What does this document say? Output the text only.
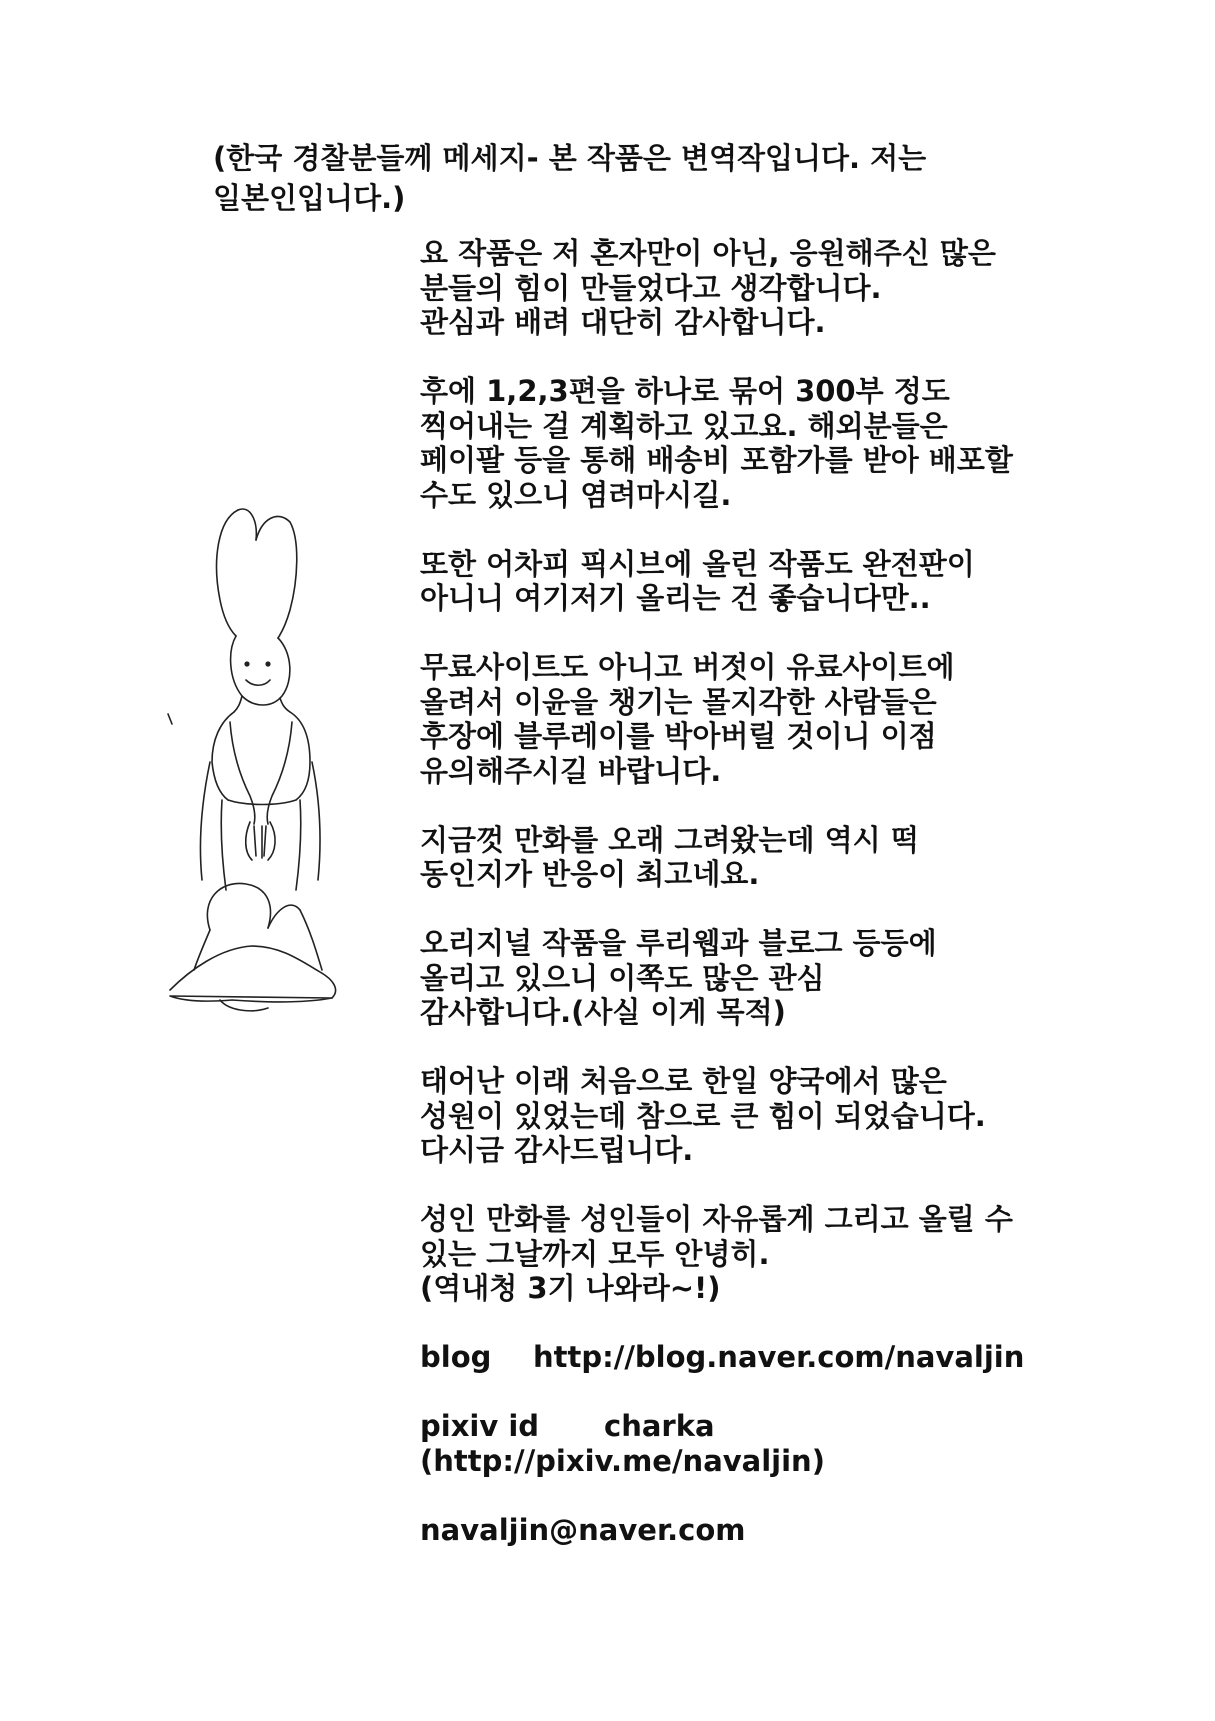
(한국 경찰분들께 메세지- 본 작품은 변역작입니다. 저는
일본인입니다.)
요 작품은 저 혼자만이 아닌, 응원해주신 많은
분들의 힘이 만들었다고 생각합니다.
관심과 배려 대단히 감사합니다.
후에 1,2,3편을 하나로 묶어 300부 정도
찍어내는 걸 계획하고 있고요. 해외분들은
페이팔 등을 통해 배송비 포함가를 받아 배포할
수도 있으니 염려마시길.
또한 어차피 픽시브에 올린 작품도 완전판이
아니니 여기저기 올리는 건 좋습니다만..
무료사이트도 아니고 버젓이 유료사이트에
올려서 이윤을 챙기는 몰지각한 사람들은
후장에 블루레이를 박아버릴 것이니 이점
유의해주시길 바랍니다.
지금껏 만화를 오래 그려왔는데 역시 떡
동인지가 반응이 최고네요.
오리지널 작품을 루리웹과 블로그 등등에
올리고 있으니 이쪽도 많은 관심
감사합니다.(사실 이게 목적)
태어난 이래 처음으로 한일 양국에서 많은
성원이 있었는데 참으로 큰 힘이 되었습니다.
다시금 감사드립니다.
성인 만화를 성인들이 자유롭게 그리고 올릴 수
있는 그날까지 모두 안녕히.
(역내청 3기 나와라~!)
blog http://blog.naver.com/navaljin
pixiv id charka
(http://pixiv.me/navaljin)
navaljin@naver.com
